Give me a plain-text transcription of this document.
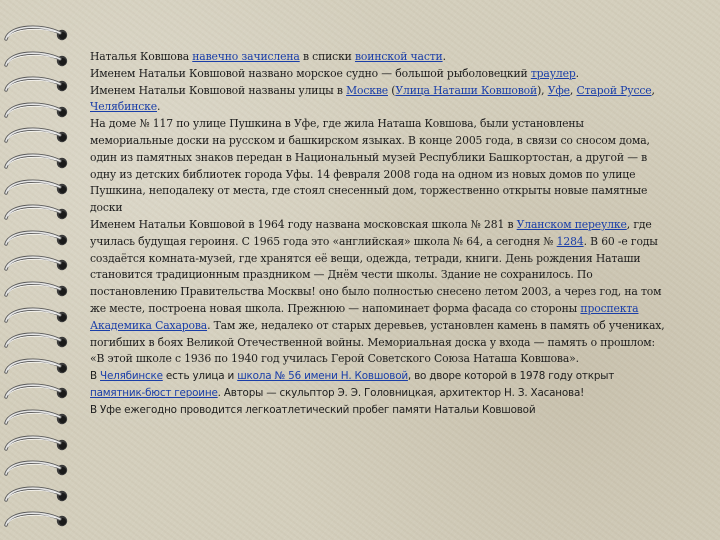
Наталья Ковшова навечно зачислена в списки воинской части.

Именем Натальи Ковшовой названо морское судно — большой рыболовецкий траулер.

Именем Натальи Ковшовой названы улицы в Москве (Улица Наташи Ковшовой), Уфе, Старой Руссе, Челябинске.

На доме № 117 по улице Пушкина в Уфе, где жила Наташа Ковшова, были установлены мемориальные доски на русском и башкирском языках. В конце 2005 года, в связи со сносом дома, один из памятных знаков передан в Национальный музей Республики Башкортостан, а другой — в одну из детских библиотек города Уфы. 14 февраля 2008 года на одном из новых домов по улице Пушкина, неподалеку от места, где стоял снесенный дом, торжественно открыты новые памятные доски

Именем Натальи Ковшовой в 1964 году названа московская школа № 281 в Уланском переулке, где училась будущая героиня. С 1965 года это «английская» школа № 64, а сегодня № 1284. В 60 -е годы создаётся комната-музей, где хранятся её вещи, одежда, тетради, книги. День рождения Наташи становится традиционным праздником — Днём чести школы. Здание не сохранилось. По постановлению Правительства Москвы! оно было полностью снесено летом 2003, а через год, на том же месте, построена новая школа. Прежнюю — напоминает форма фасада со стороны проспекта Академика Сахарова. Там же, недалеко от старых деревьев, установлен камень в память об учениках, погибших в боях Великой Отечественной войны. Мемориальная доска у входа — память о прошлом: «В этой школе с 1936 по 1940 год училась Герой Советского Союза Наташа Ковшова».

В Челябинске есть улица и школа № 56 имени Н. Ковшовой, во дворе которой в 1978 году открыт памятник-бюст героине. Авторы — скульптор Э. Э. Головницкая, архитектор Н. З. Хасанова!

В Уфе ежегодно проводится легкоатлетический пробег памяти Натальи Ковшовой
